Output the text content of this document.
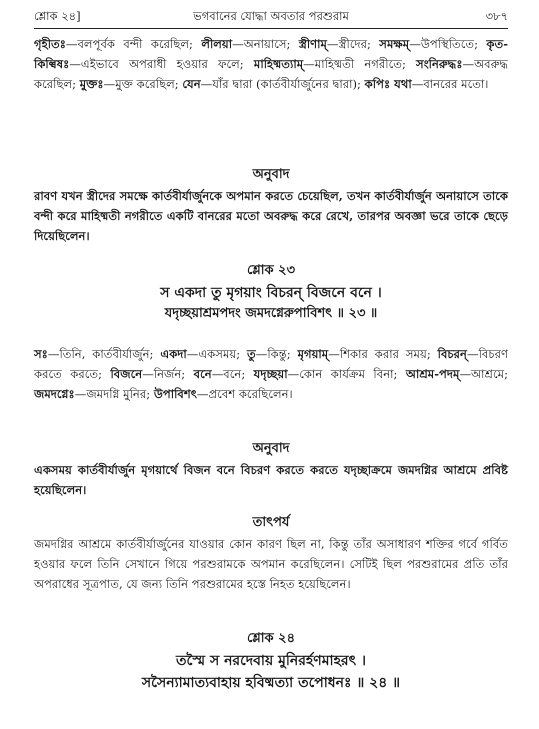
শ্লোক ২৪]	ভগবানের যোদ্ধা অবতার পরশুরাম	৩৮৭

গৃহীতঃ—বলপূর্বক বন্দী করেছিল; লীলয়া—অনায়াসে; স্ত্রীণাম্—স্ত্রীদের; সমক্ষম্—উপস্থিতিতে; কৃত-কিল্বিষঃ—এইভাবে অপরাধী হওয়ার ফলে; মাহিষ্মত্যাম্—মাহিষ্মতী নগরীতে; সংনিরুদ্ধঃ—অবরুদ্ধ করেছিল; মুক্তঃ—মুক্ত করেছিল; যেন—যাঁর দ্বারা (কার্তবীর্যার্জুনের দ্বারা); কপিঃ যথা—বানরের মতো।

অনুবাদ

রাবণ যখন স্ত্রীদের সমক্ষে কার্তবীর্যার্জুনকে অপমান করতে চেয়েছিল, তখন কার্তবীর্যার্জুন অনায়াসে তাকে বন্দী করে মাহিষ্মতী নগরীতে একটি বানরের মতো অবরুদ্ধ করে রেখে, তারপর অবজ্ঞা ভরে তাকে ছেড়ে দিয়েছিলেন।

শ্লোক ২৩

স একদা তু মৃগয়াং বিচরন্ বিজনে বনে ।

যদৃচ্ছয়াশ্রমপদং জমদগ্নেরুপাবিশৎ ॥ ২৩ ॥

সঃ—তিনি, কার্তবীর্যার্জুন; একদা—একসময়; তু—কিন্তু; মৃগয়াম্—শিকার করার সময়; বিচরন্—বিচরণ করতে করতে; বিজনে—নির্জন; বনে—বনে; যদৃচ্ছয়া—কোন কার্যক্রম বিনা; আশ্রম-পদম্—আশ্রমে; জমদগ্নেঃ—জমদগ্নি মুনির; উপাবিশৎ—প্রবেশ করেছিলেন।

অনুবাদ

একসময় কার্তবীর্যার্জুন মৃগয়ার্থে বিজন বনে বিচরণ করতে করতে যদৃচ্ছাক্রমে জমদগ্নির আশ্রমে প্রবিষ্ট হয়েছিলেন।

তাৎপর্য

জমদগ্নির আশ্রমে কার্তবীর্যার্জুনের যাওয়ার কোন কারণ ছিল না, কিন্তু তাঁর অসাধারণ শক্তির গর্বে গর্বিত হওয়ার ফলে তিনি সেখানে গিয়ে পরশুরামকে অপমান করেছিলেন। সেটিই ছিল পরশুরামের প্রতি তাঁর অপরাধের সূত্রপাত, যে জন্য তিনি পরশুরামের হস্তে নিহত হয়েছিলেন।

শ্লোক ২৪

তস্মৈ স নরদেবায় মুনিরর্হণমাহরৎ ।

সসৈন্যামাত্যবাহায় হবিষ্মত্যা তপোধনঃ ॥ ২৪ ॥
